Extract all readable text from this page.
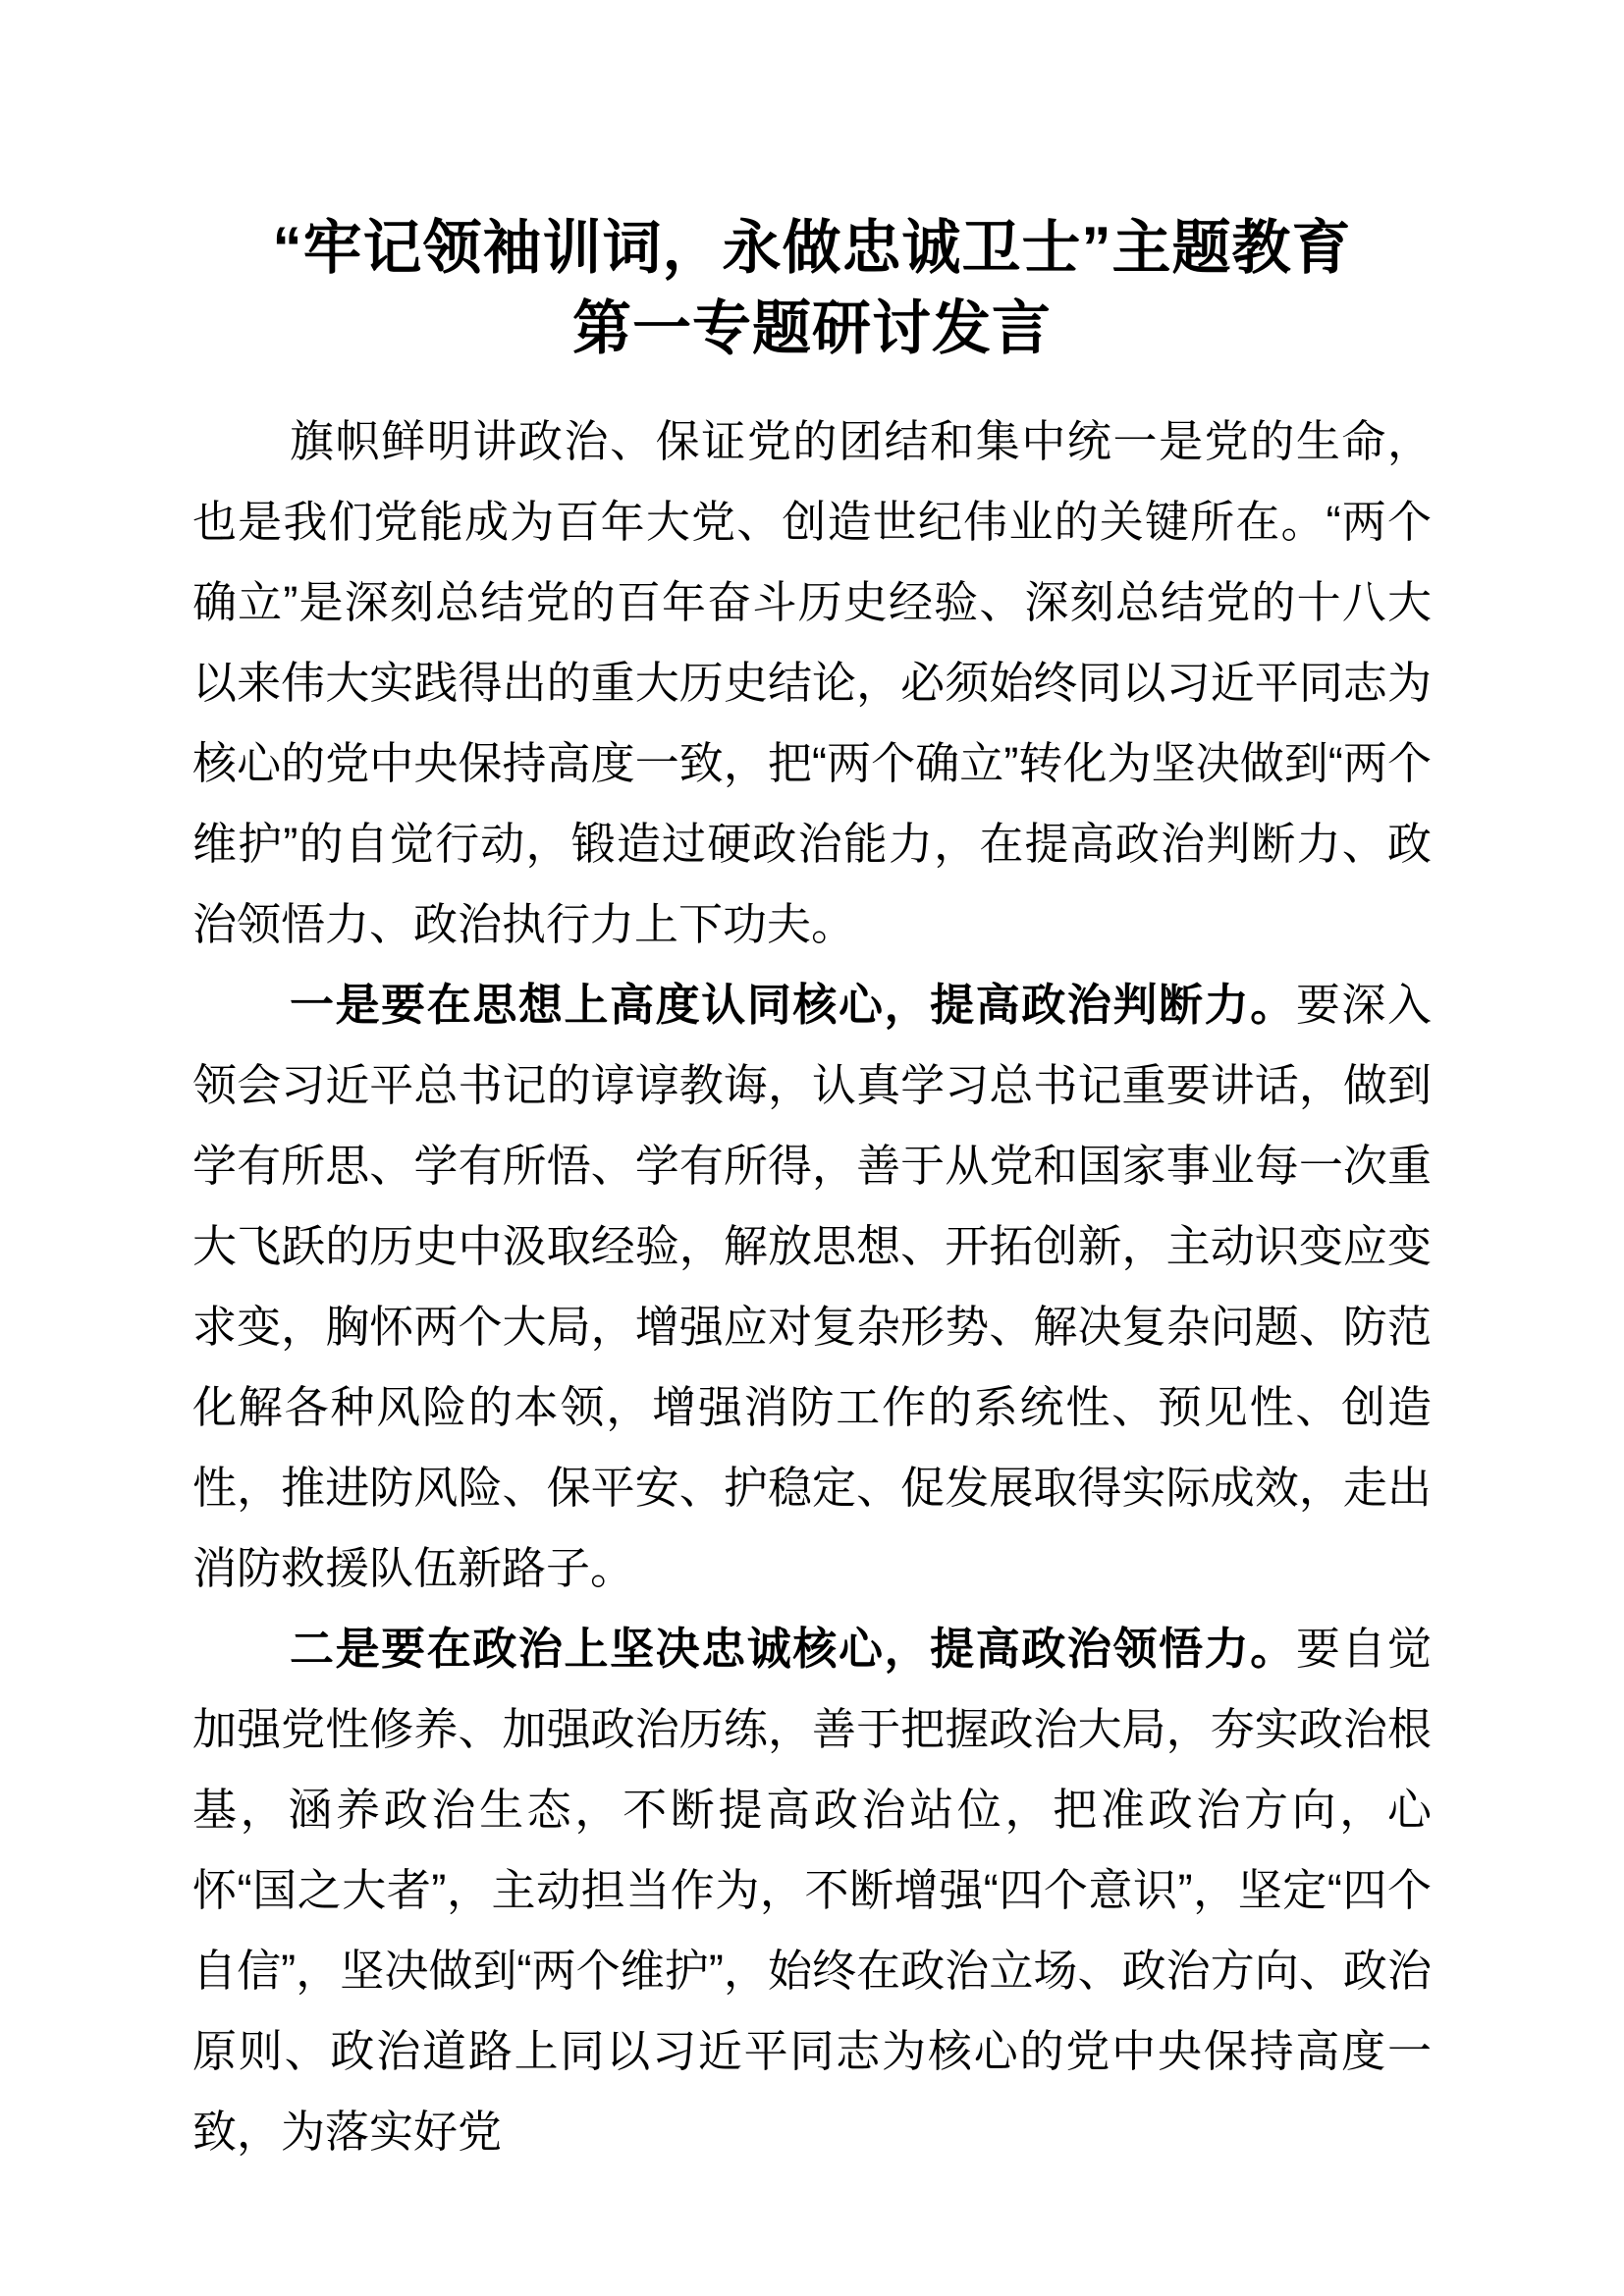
“牢记领袖训词，永做忠诚卫士”主题教育
第一专题研讨发言

旗帜鲜明讲政治、保证党的团结和集中统一是党的生命，也是我们党能成为百年大党、创造世纪伟业的关键所在。“两个确立”是深刻总结党的百年奋斗历史经验、深刻总结党的十八大以来伟大实践得出的重大历史结论，必须始终同以习近平同志为核心的党中央保持高度一致，把“两个确立”转化为坚决做到“两个维护”的自觉行动，锻造过硬政治能力，在提高政治判断力、政治领悟力、政治执行力上下功夫。

一是要在思想上高度认同核心，提高政治判断力。要深入领会习近平总书记的谆谆教诲，认真学习总书记重要讲话，做到学有所思、学有所悟、学有所得，善于从党和国家事业每一次重大飞跃的历史中汲取经验，解放思想、开拓创新，主动识变应变求变，胸怀两个大局，增强应对复杂形势、解决复杂问题、防范化解各种风险的本领，增强消防工作的系统性、预见性、创造性，推进防风险、保平安、护稳定、促发展取得实际成效，走出消防救援队伍新路子。

二是要在政治上坚决忠诚核心，提高政治领悟力。要自觉加强党性修养、加强政治历练，善于把握政治大局，夯实政治根基，涵养政治生态，不断提高政治站位，把准政治方向，心怀“国之大者”，主动担当作为，不断增强“四个意识”，坚定“四个自信”，坚决做到“两个维护”，始终在政治立场、政治方向、政治原则、政治道路上同以习近平同志为核心的党中央保持高度一致，为落实好党
